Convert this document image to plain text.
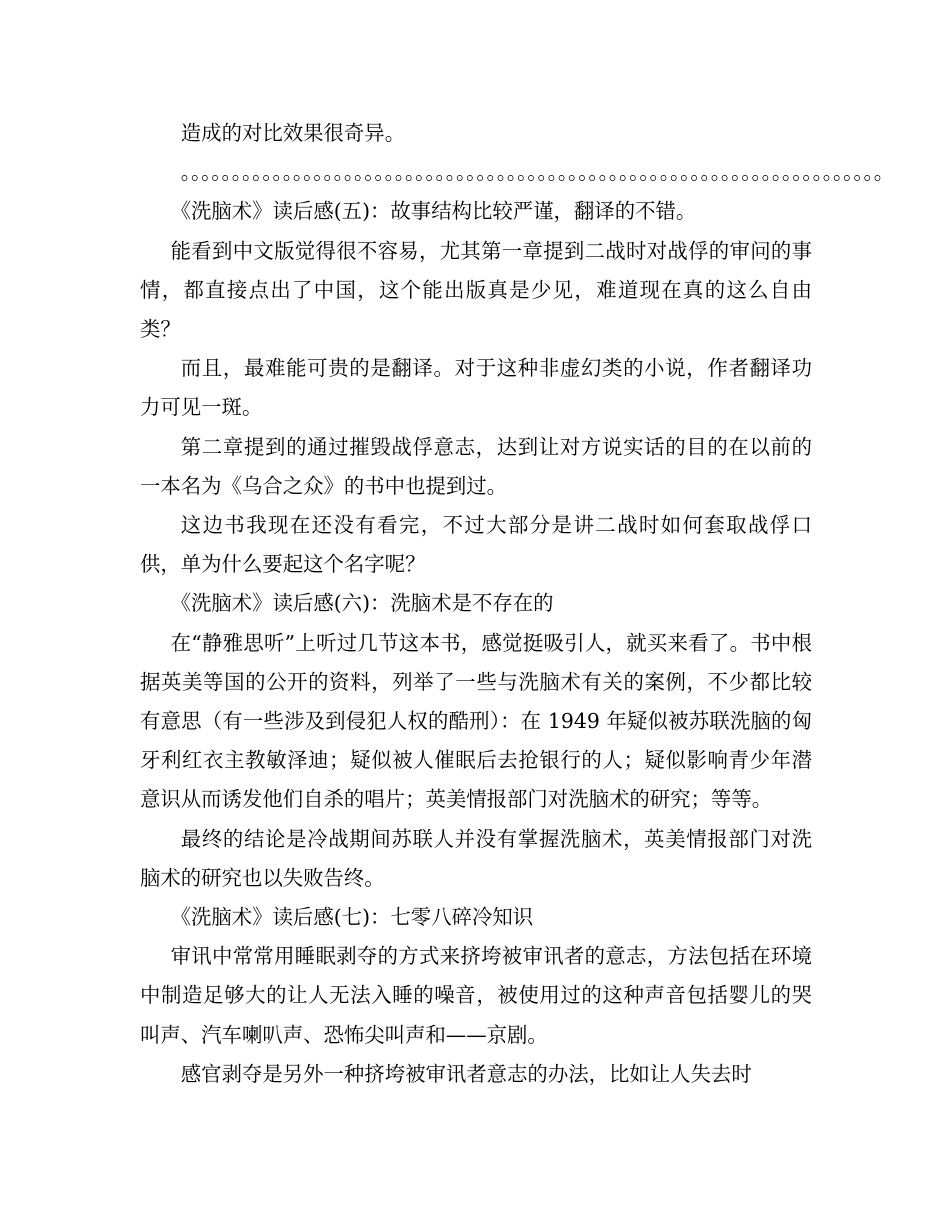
造成的对比效果很奇异。

。。。。。。。。。。。。。。。。。。。。。。。。。。。。。。。。。。。。。。。。。。。。。。。。。。。。。。。。。。。。。。。。。。。。。

《洗脑术》读后感(五)：故事结构比较严谨，翻译的不错。

能看到中文版觉得很不容易，尤其第一章提到二战时对战俘的审问的事情，都直接点出了中国，这个能出版真是少见，难道现在真的这么自由类？

而且，最难能可贵的是翻译。对于这种非虚幻类的小说，作者翻译功力可见一斑。

第二章提到的通过摧毁战俘意志，达到让对方说实话的目的在以前的一本名为《乌合之众》的书中也提到过。

这边书我现在还没有看完，不过大部分是讲二战时如何套取战俘口供，单为什么要起这个名字呢？

《洗脑术》读后感(六)：洗脑术是不存在的

在“静雅思听”上听过几节这本书，感觉挺吸引人，就买来看了。书中根据英美等国的公开的资料，列举了一些与洗脑术有关的案例，不少都比较有意思（有一些涉及到侵犯人权的酷刑）：在 1949 年疑似被苏联洗脑的匈牙利红衣主教敏泽迪；疑似被人催眠后去抢银行的人；疑似影响青少年潜意识从而诱发他们自杀的唱片；英美情报部门对洗脑术的研究；等等。

最终的结论是冷战期间苏联人并没有掌握洗脑术，英美情报部门对洗脑术的研究也以失败告终。

《洗脑术》读后感(七)：七零八碎冷知识

审讯中常常用睡眠剥夺的方式来挤垮被审讯者的意志，方法包括在环境中制造足够大的让人无法入睡的噪音，被使用过的这种声音包括婴儿的哭叫声、汽车喇叭声、恐怖尖叫声和——京剧。

感官剥夺是另外一种挤垮被审讯者意志的办法，比如让人失去时
